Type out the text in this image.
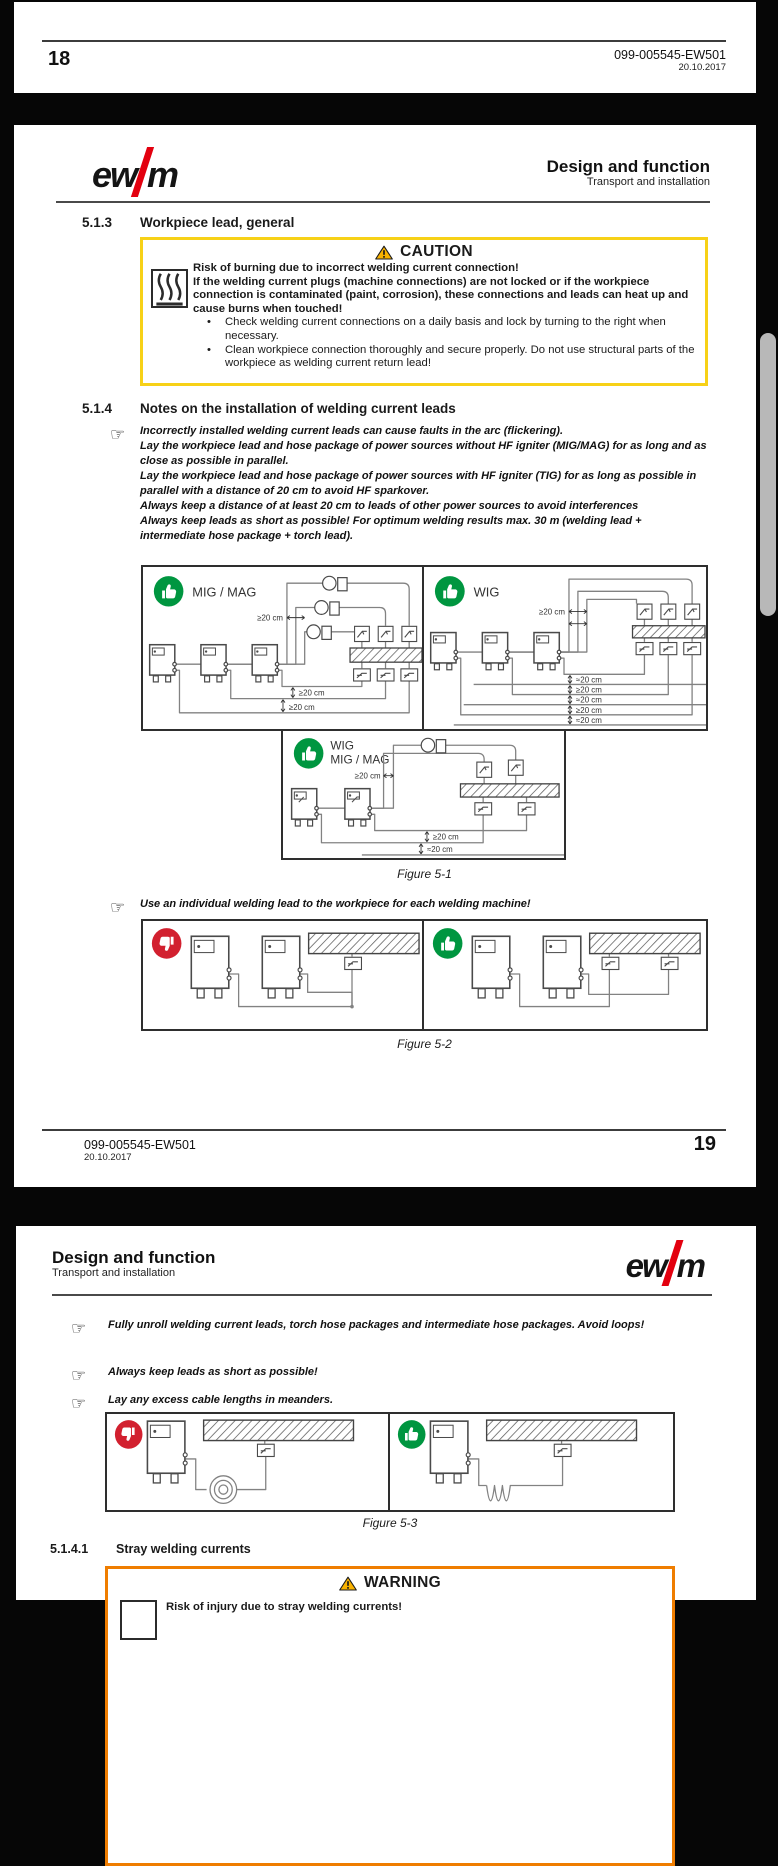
18	099-005545-EW501
20.10.2017
ew m	Design and function
Transport and installation
5.1.3 Workpiece lead, general
CAUTION
Risk of burning due to incorrect welding current connection!
If the welding current plugs (machine connections) are not locked or if the workpiece connection is contaminated (paint, corrosion), these connections and leads can heat up and cause burns when touched!
•	Check welding current connections on a daily basis and lock by turning to the right when necessary.
•	Clean workpiece connection thoroughly and secure properly. Do not use structural parts of the workpiece as welding current return lead!
5.1.4 Notes on the installation of welding current leads
☞ Incorrectly installed welding current leads can cause faults in the arc (flickering).
Lay the workpiece lead and hose package of power sources without HF igniter (MIG/MAG) for as long and as close as possible in parallel.
Lay the workpiece lead and hose package of power sources with HF igniter (TIG) for as long as possible in parallel with a distance of 20 cm to avoid HF sparkover.
Always keep a distance of at least 20 cm to leads of other power sources to avoid interferences
Always keep leads as short as possible! For optimum welding results max. 30 m (welding lead + intermediate hose package + torch lead).
MIG / MAG
≥20 cm
≥20 cm
≥20 cm
WIG
≥20 cm
≈20 cm
≥20 cm
≈20 cm
≥20 cm
≈20 cm
WIG
MIG / MAG
≥20 cm
≥20 cm
≈20 cm
Figure 5-1
☞ Use an individual welding lead to the workpiece for each welding machine!
Figure 5-2
099-005545-EW501
20.10.2017
19
Design and function
Transport and installation	ew m
☞ Fully unroll welding current leads, torch hose packages and intermediate hose packages. Avoid loops!
☞ Always keep leads as short as possible!
☞ Lay any excess cable lengths in meanders.
Figure 5-3
5.1.4.1 Stray welding currents
WARNING
Risk of injury due to stray welding currents!
